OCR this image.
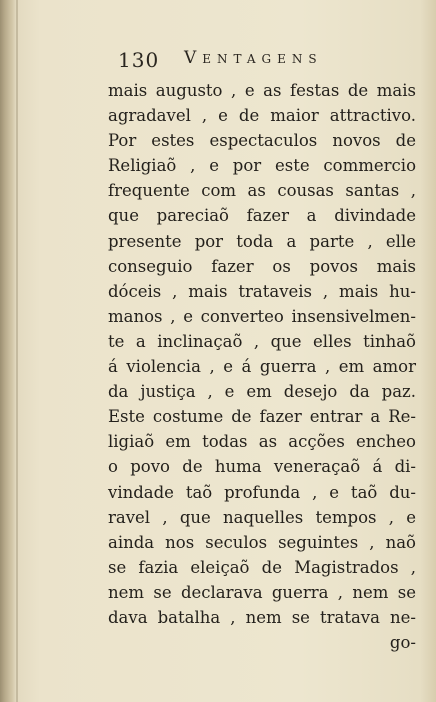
130 Ventagens
mais augusto , e as festas de mais
agradavel , e de maior attractivo.
Por estes espectaculos novos de
Religiaõ , e por este commercio
frequente com as cousas santas ,
que pareciaõ fazer a divindade
presente por toda a parte , elle
conseguio fazer os povos mais
dóceis , mais trataveis , mais hu-
manos , e converteo insensivelmen-
te a inclinaçaõ , que elles tinhaõ
á violencia , e á guerra , em amor
da justiça , e em desejo da paz.
Este costume de fazer entrar a Re-
ligiaõ em todas as acções encheo
o povo de huma veneraçaõ á di-
vindade taõ profunda , e taõ du-
ravel , que naquelles tempos , e
ainda nos seculos seguintes , naõ
se fazia eleiçaõ de Magistrados ,
nem se declarava guerra , nem se
dava batalha , nem se tratava ne-
go-
